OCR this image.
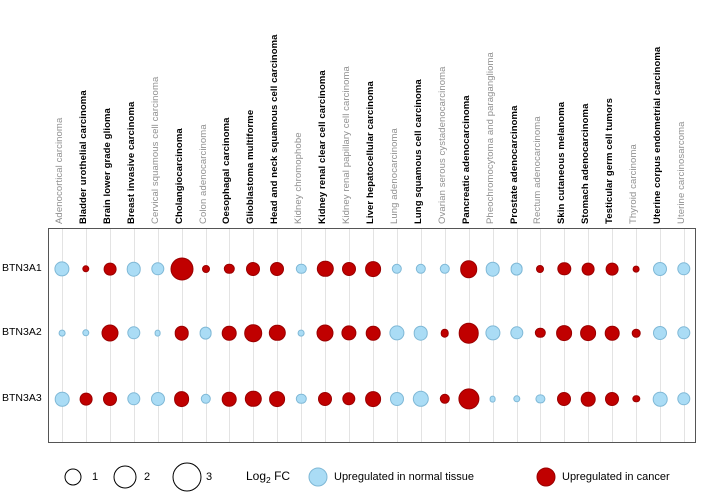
Adenocortical carcinoma Bladder urothelial carcinoma Brain lower grade glioma Breast invasive carcinoma Cervical squamous cell carcinoma Cholangiocarcinoma Colon adenocarcinoma Oesophagal carcinoma Glioblastoma multiforme Head and neck squamous cell carcinoma Kidney chromophobe Kidney renal clear cell carcinoma Kidney renal papillary cell carcinoma Liver hepatocellular carcinoma Lung adenocarcinoma Lung squamous cell carcinoma Ovarian serous cystadenocarcinoma Pancreatic adenocarcinoma Pheochromocytoma and paraganglioma Prostate adenocarcinoma Rectum adenocarcinoma Skin cutaneous melanoma Stomach adenocarcinoma Testicular germ cell tumors Thyroid carcinoma Uterine corpus endometrial carcinoma Uterine carcinosarcoma
BTN3A1
BTN3A2
BTN3A3
1	2	3	Log$_2$ FC	Upregulated in normal tissue	Upregulated in cancer
